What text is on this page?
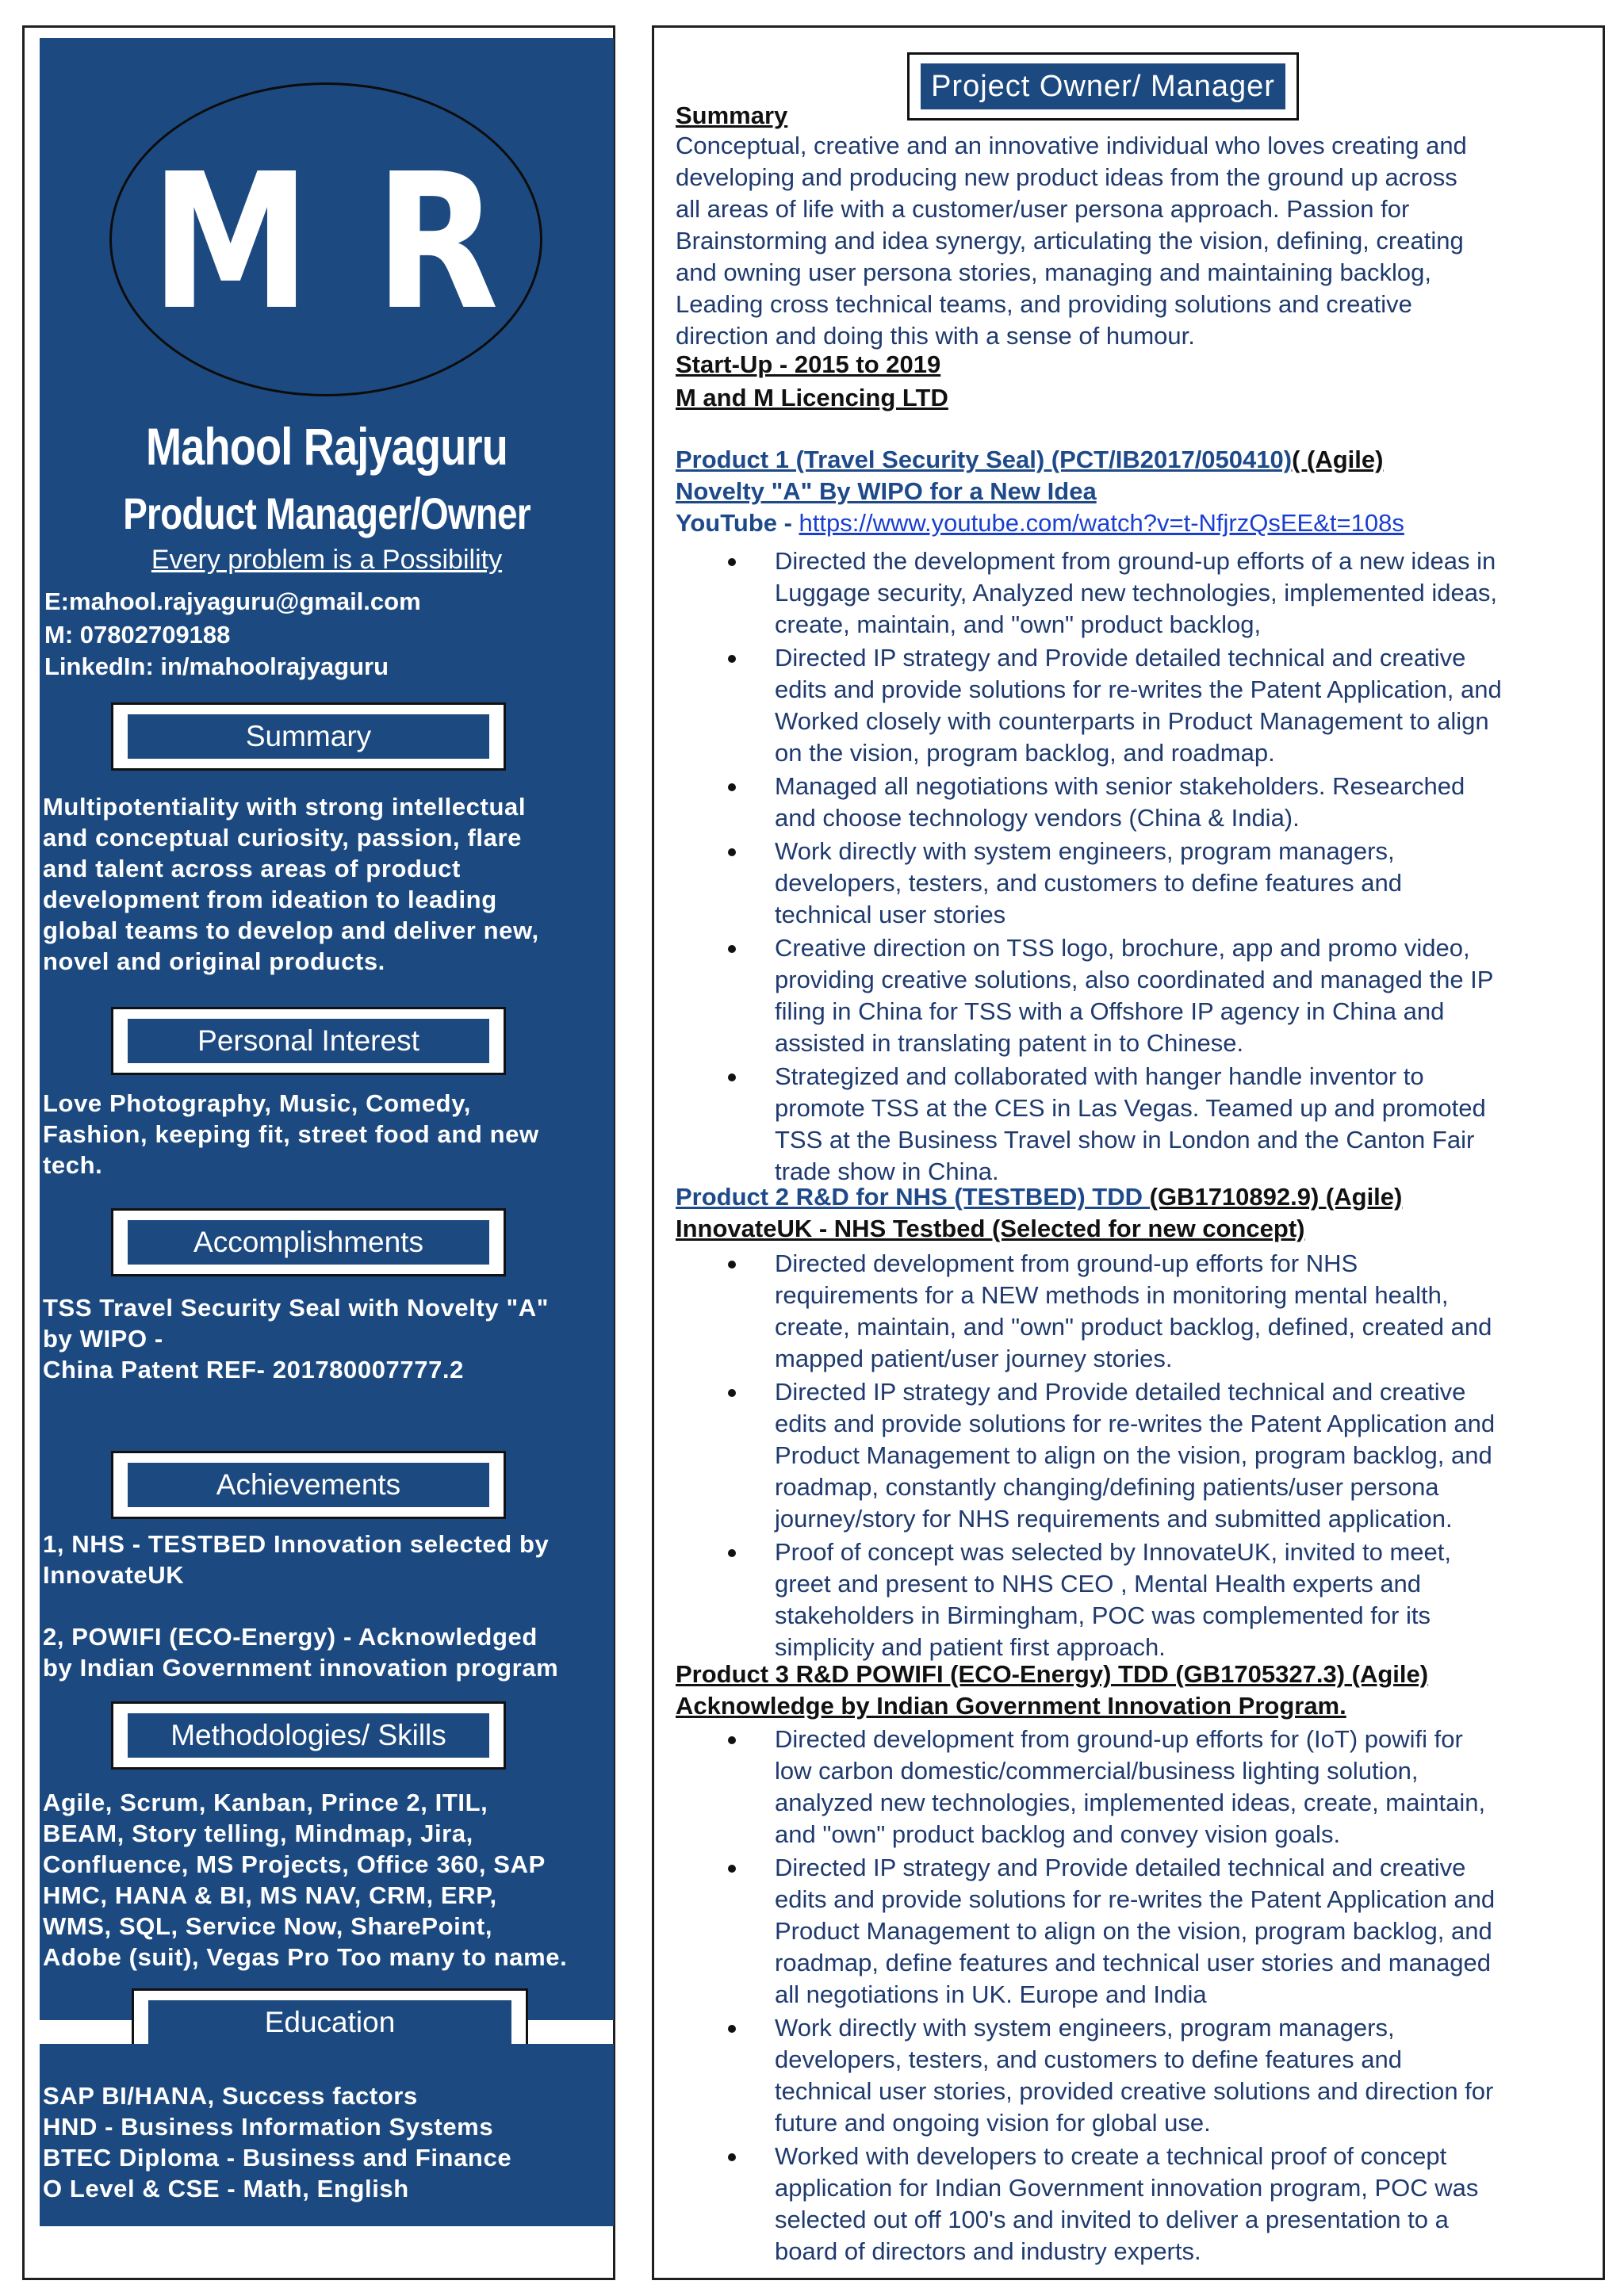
M R
Mahool Rajyaguru
Product Manager/Owner
Every problem is a Possibility
E:mahool.rajyaguru@gmail.com
M: 07802709188
LinkedIn: in/mahoolrajyaguru
Summary
Personal Interest
Accomplishments
Achievements
Methodologies/ Skills
Education
Multipotentiality with strong intellectual
and conceptual curiosity, passion, flare
and talent across areas of product
development from ideation to leading
global teams to develop and deliver new,
novel and original products.
Love Photography, Music, Comedy,
Fashion, keeping fit, street food and new
tech.
TSS Travel Security Seal with Novelty "A"
by WIPO -
China Patent REF- 201780007777.2
1, NHS - TESTBED Innovation selected by
InnovateUK
2, POWIFI (ECO-Energy) - Acknowledged
by Indian Government innovation program
Agile, Scrum, Kanban, Prince 2, ITIL,
BEAM, Story telling, Mindmap, Jira,
Confluence, MS Projects, Office 360, SAP
HMC, HANA & BI, MS NAV, CRM, ERP,
WMS, SQL, Service Now, SharePoint,
Adobe (suit), Vegas Pro Too many to name.
SAP BI/HANA, Success factors
HND - Business Information Systems
BTEC Diploma - Business and Finance
O Level & CSE - Math, English
Project Owner/ Manager
Summary
Conceptual, creative and an innovative individual who loves creating and
developing and producing new product ideas from the ground up across
all areas of life with a customer/user persona approach. Passion for
Brainstorming and idea synergy, articulating the vision, defining, creating
and owning user persona stories, managing and maintaining backlog,
Leading cross technical teams, and providing solutions and creative
direction and doing this with a sense of humour.
Start-Up - 2015 to 2019
M and M Licencing LTD
Product 1 (Travel Security Seal) (PCT/IB2017/050410)( (Agile)
Novelty "A" By WIPO for a New Idea
YouTube - https://www.youtube.com/watch?v=t-NfjrzQsEE&t=108s
Directed the development from ground-up efforts of a new ideas in
Luggage security, Analyzed new technologies, implemented ideas,
create, maintain, and "own" product backlog,
Directed IP strategy and Provide detailed technical and creative
edits and provide solutions for re-writes the Patent Application, and
Worked closely with counterparts in Product Management to align
on the vision, program backlog, and roadmap.
Managed all negotiations with senior stakeholders. Researched
and choose technology vendors (China & India).
Work directly with system engineers, program managers,
developers, testers, and customers to define features and
technical user stories
Creative direction on TSS logo, brochure, app and promo video,
providing creative solutions, also coordinated and managed the IP
filing in China for TSS with a Offshore IP agency in China and
assisted in translating patent in to Chinese.
Strategized and collaborated with hanger handle inventor to
promote TSS at the CES in Las Vegas. Teamed up and promoted
TSS at the Business Travel show in London and the Canton Fair
trade show in China.
Product 2 R&D for NHS (TESTBED) TDD (GB1710892.9) (Agile)
InnovateUK - NHS Testbed (Selected for new concept)
Directed development from ground-up efforts for NHS
requirements for a NEW methods in monitoring mental health,
create, maintain, and "own" product backlog, defined, created and
mapped patient/user journey stories.
Directed IP strategy and Provide detailed technical and creative
edits and provide solutions for re-writes the Patent Application and
Product Management to align on the vision, program backlog, and
roadmap, constantly changing/defining patients/user persona
journey/story for NHS requirements and submitted application.
Proof of concept was selected by InnovateUK, invited to meet,
greet and present to NHS CEO , Mental Health experts and
stakeholders in Birmingham, POC was complemented for its
simplicity and patient first approach.
Product 3 R&D POWIFI (ECO-Energy) TDD (GB1705327.3) (Agile)
Acknowledge by Indian Government Innovation Program.
Directed development from ground-up efforts for (IoT) powifi for
low carbon domestic/commercial/business lighting solution,
analyzed new technologies, implemented ideas, create, maintain,
and "own" product backlog and convey vision goals.
Directed IP strategy and Provide detailed technical and creative
edits and provide solutions for re-writes the Patent Application and
Product Management to align on the vision, program backlog, and
roadmap, define features and technical user stories and managed
all negotiations in UK. Europe and India
Work directly with system engineers, program managers,
developers, testers, and customers to define features and
technical user stories, provided creative solutions and direction for
future and ongoing vision for global use.
Worked with developers to create a technical proof of concept
application for Indian Government innovation program, POC was
selected out off 100's and invited to deliver a presentation to a
board of directors and industry experts.
